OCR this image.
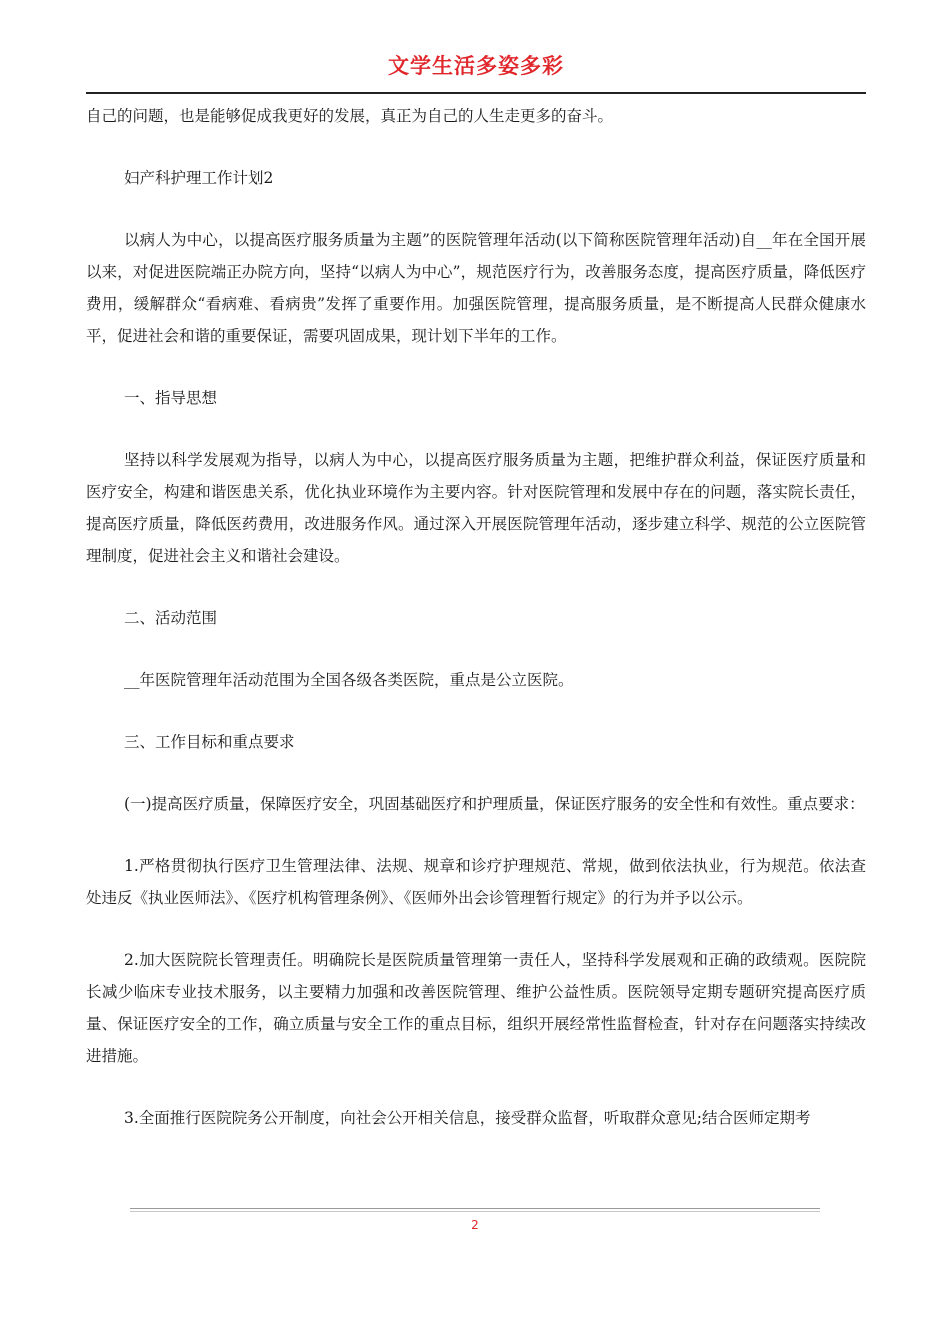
文学生活多姿多彩

自己的问题，也是能够促成我更好的发展，真正为自己的人生走更多的奋斗。

妇产科护理工作计划2

以病人为中心，以提高医疗服务质量为主题”的医院管理年活动(以下简称医院管理年活动)自__年在全国开展以来，对促进医院端正办院方向，坚持“以病人为中心”，规范医疗行为，改善服务态度，提高医疗质量，降低医疗费用，缓解群众“看病难、看病贵”发挥了重要作用。加强医院管理，提高服务质量，是不断提高人民群众健康水平，促进社会和谐的重要保证，需要巩固成果，现计划下半年的工作。

一、指导思想

坚持以科学发展观为指导，以病人为中心，以提高医疗服务质量为主题，把维护群众利益，保证医疗质量和医疗安全，构建和谐医患关系，优化执业环境作为主要内容。针对医院管理和发展中存在的问题，落实院长责任，提高医疗质量，降低医药费用，改进服务作风。通过深入开展医院管理年活动，逐步建立科学、规范的公立医院管理制度，促进社会主义和谐社会建设。

二、活动范围

__年医院管理年活动范围为全国各级各类医院，重点是公立医院。

三、工作目标和重点要求

(一)提高医疗质量，保障医疗安全，巩固基础医疗和护理质量，保证医疗服务的安全性和有效性。重点要求：

1.严格贯彻执行医疗卫生管理法律、法规、规章和诊疗护理规范、常规，做到依法执业，行为规范。依法查处违反《执业医师法》、《医疗机构管理条例》、《医师外出会诊管理暂行规定》的行为并予以公示。

2.加大医院院长管理责任。明确院长是医院质量管理第一责任人，坚持科学发展观和正确的政绩观。医院院长减少临床专业技术服务，以主要精力加强和改善医院管理、维护公益性质。医院领导定期专题研究提高医疗质量、保证医疗安全的工作，确立质量与安全工作的重点目标，组织开展经常性监督检查，针对存在问题落实持续改进措施。

3.全面推行医院院务公开制度，向社会公开相关信息，接受群众监督，听取群众意见;结合医师定期考

2
